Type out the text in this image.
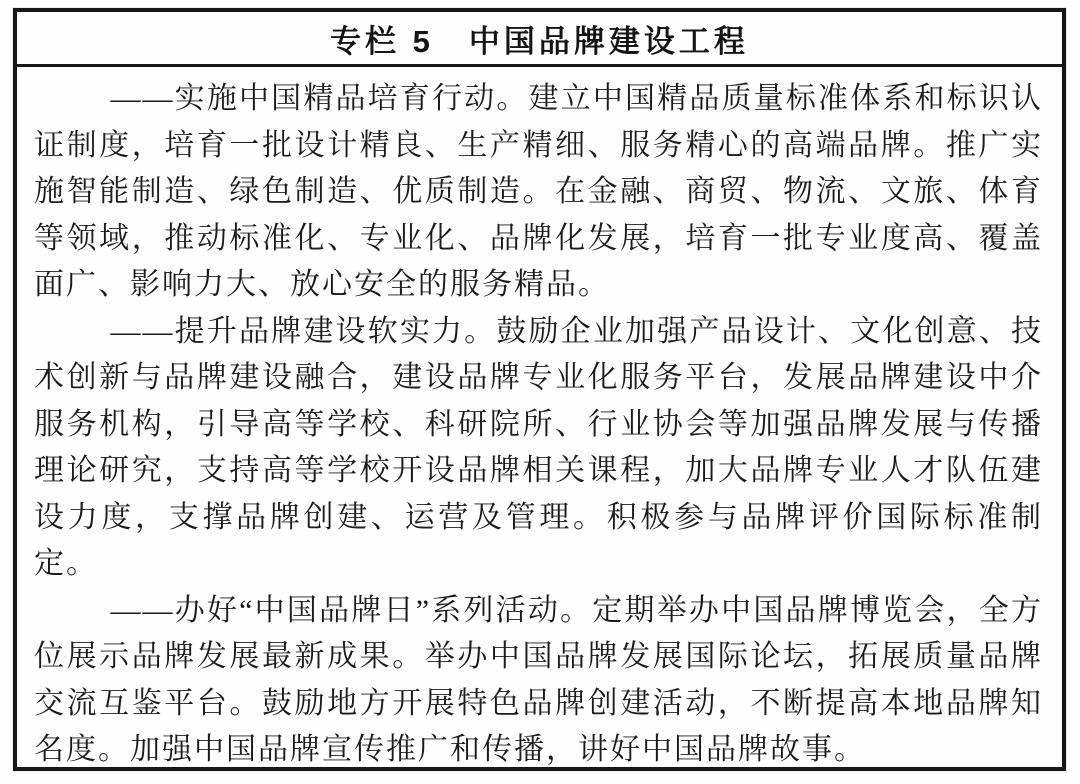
专栏 5　中国品牌建设工程

——实施中国精品培育行动。建立中国精品质量标准体系和标识认证制度，培育一批设计精良、生产精细、服务精心的高端品牌。推广实施智能制造、绿色制造、优质制造。在金融、商贸、物流、文旅、体育等领域，推动标准化、专业化、品牌化发展，培育一批专业度高、覆盖面广、影响力大、放心安全的服务精品。

——提升品牌建设软实力。鼓励企业加强产品设计、文化创意、技术创新与品牌建设融合，建设品牌专业化服务平台，发展品牌建设中介服务机构，引导高等学校、科研院所、行业协会等加强品牌发展与传播理论研究，支持高等学校开设品牌相关课程，加大品牌专业人才队伍建设力度，支撑品牌创建、运营及管理。积极参与品牌评价国际标准制定。

——办好“中国品牌日”系列活动。定期举办中国品牌博览会，全方位展示品牌发展最新成果。举办中国品牌发展国际论坛，拓展质量品牌交流互鉴平台。鼓励地方开展特色品牌创建活动，不断提高本地品牌知名度。加强中国品牌宣传推广和传播，讲好中国品牌故事。
